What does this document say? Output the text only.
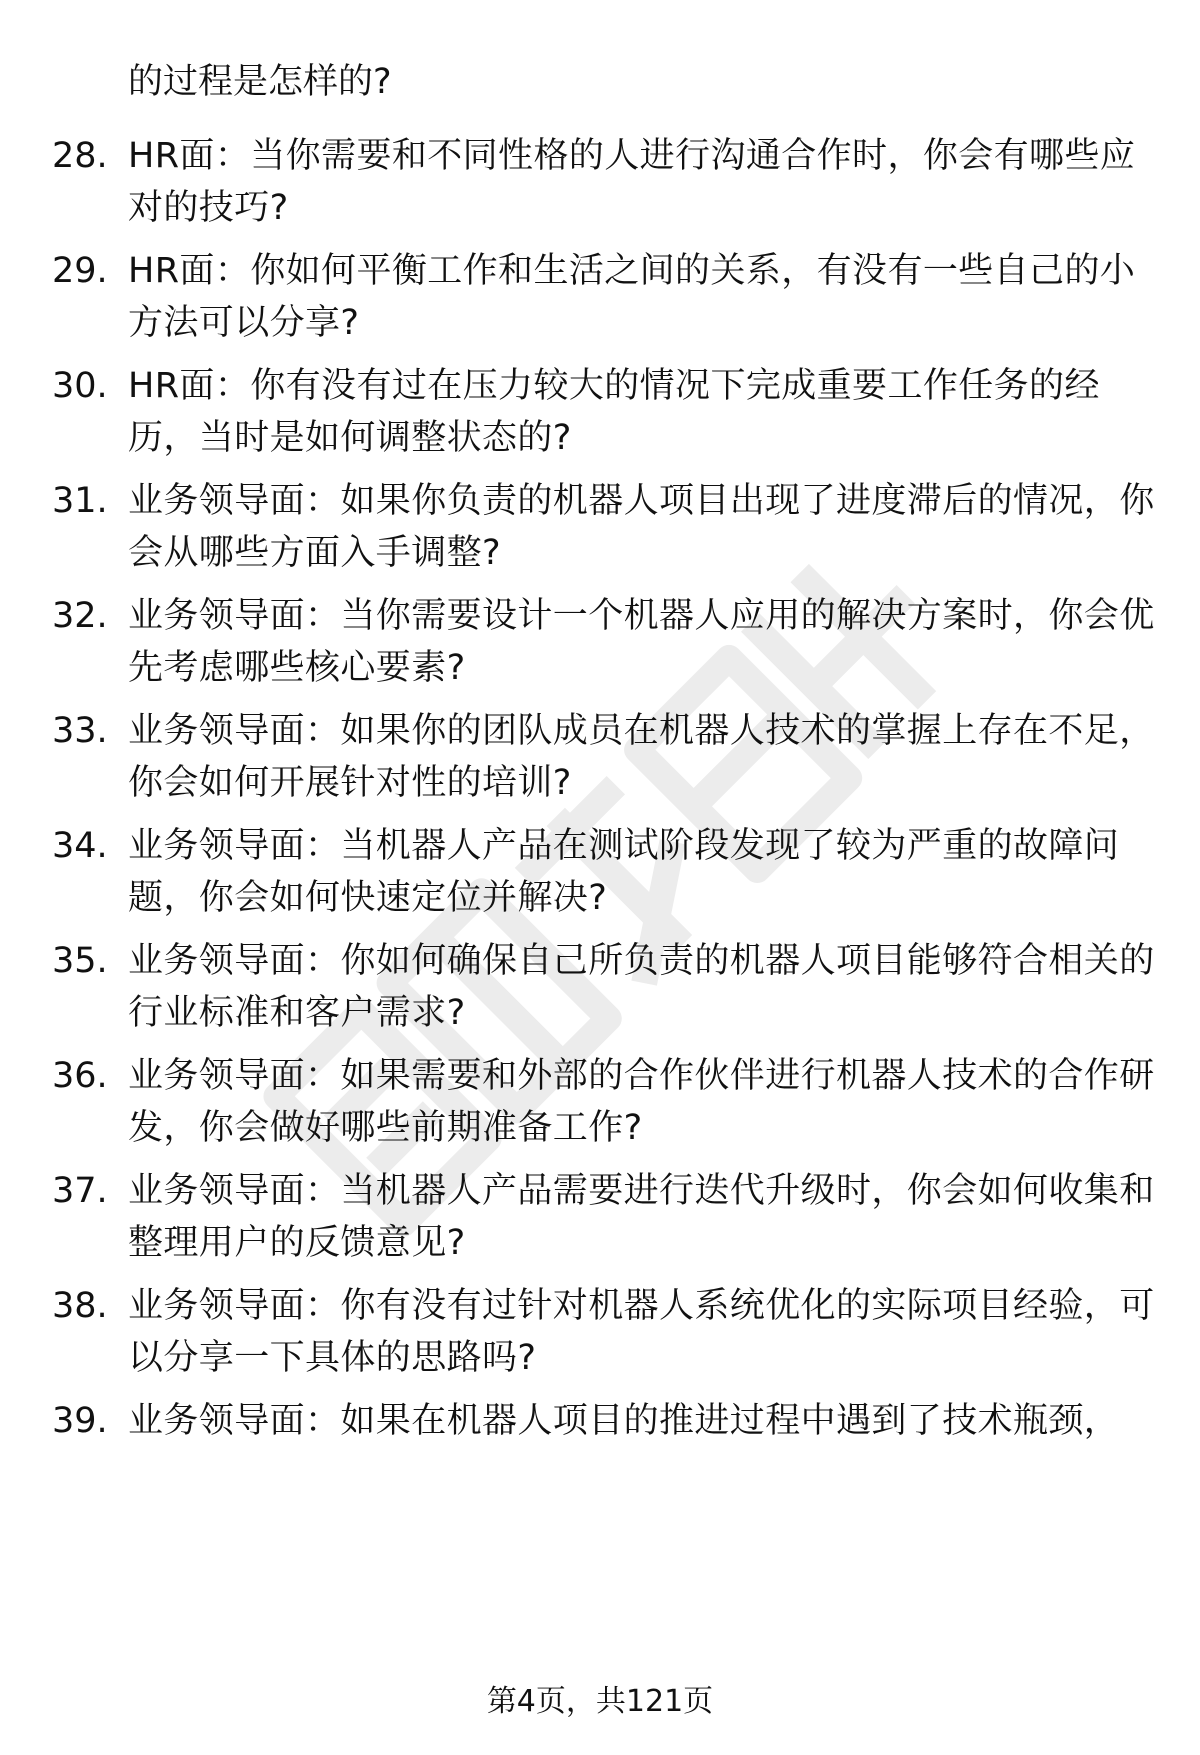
的过程是怎样的?
28. HR面：当你需要和不同性格的人进行沟通合作时，你会有哪些应对的技巧?
29. HR面：你如何平衡工作和生活之间的关系，有没有一些自己的小方法可以分享?
30. HR面：你有没有过在压力较大的情况下完成重要工作任务的经历，当时是如何调整状态的?
31. 业务领导面：如果你负责的机器人项目出现了进度滞后的情况，你会从哪些方面入手调整?
32. 业务领导面：当你需要设计一个机器人应用的解决方案时，你会优先考虑哪些核心要素?
33. 业务领导面：如果你的团队成员在机器人技术的掌握上存在不足，你会如何开展针对性的培训?
34. 业务领导面：当机器人产品在测试阶段发现了较为严重的故障问题，你会如何快速定位并解决?
35. 业务领导面：你如何确保自己所负责的机器人项目能够符合相关的行业标准和客户需求?
36. 业务领导面：如果需要和外部的合作伙伴进行机器人技术的合作研发，你会做好哪些前期准备工作?
37. 业务领导面：当机器人产品需要进行迭代升级时，你会如何收集和整理用户的反馈意见?
38. 业务领导面：你有没有过针对机器人系统优化的实际项目经验，可以分享一下具体的思路吗?
39. 业务领导面：如果在机器人项目的推进过程中遇到了技术瓶颈，
第4页，共121页
